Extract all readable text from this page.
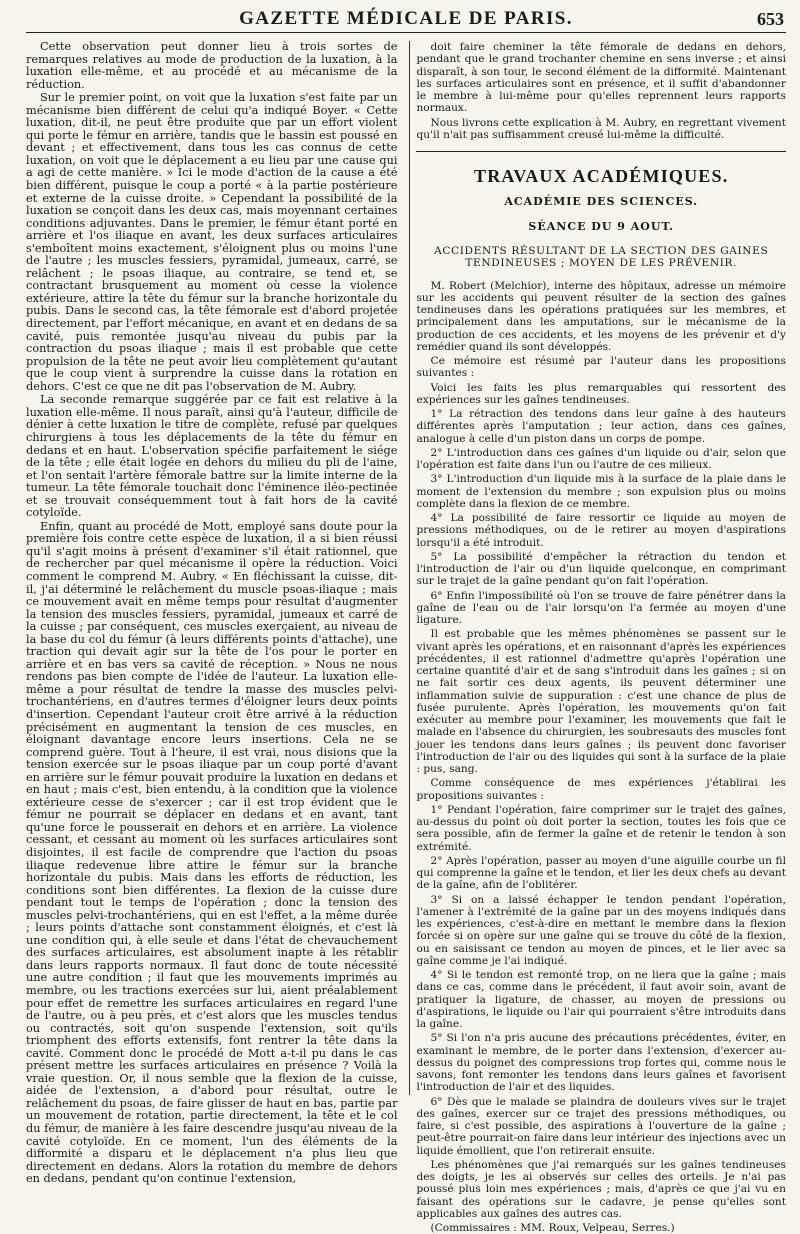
GAZETTE MÉDICALE DE PARIS.	653

Cette observation peut donner lieu à trois sortes de remarques relatives au mode de production de la luxation, à la luxation elle-même, et au procédé et au mécanisme de la réduction.

Sur le premier point, on voit que la luxation s'est faite par un mécanisme bien différent de celui qu'a indiqué Boyer. « Cette luxation, dit-il, ne peut être produite que par un effort violent qui porte le fémur en arrière, tandis que le bassin est poussé en devant ; et effectivement, dans tous les cas connus de cette luxation, on voit que le déplacement a eu lieu par une cause qui a agi de cette manière. » Ici le mode d'action de la cause a été bien différent, puisque le coup a porté « à la partie postérieure et externe de la cuisse droite. » Cependant la possibilité de la luxation se conçoit dans les deux cas, mais moyennant certaines conditions adjuvantes. Dans le premier, le fémur étant porté en arrière et l'os iliaque en avant, les deux surfaces articulaires s'emboîtent moins exactement, s'éloignent plus ou moins l'une de l'autre ; les muscles fessiers, pyramidal, jumeaux, carré, se relâchent ; le psoas iliaque, au contraire, se tend et, se contractant brusquement au moment où cesse la violence extérieure, attire la tête du fémur sur la branche horizontale du pubis. Dans le second cas, la tête fémorale est d'abord projetée directement, par l'effort mécanique, en avant et en dedans de sa cavité, puis remontée jusqu'au niveau du pubis par la contraction du psoas iliaque ; mais il est probable que cette propulsion de la tête ne peut avoir lieu complètement qu'autant que le coup vient à surprendre la cuisse dans la rotation en dehors. C'est ce que ne dit pas l'observation de M. Aubry.

La seconde remarque suggérée par ce fait est relative à la luxation elle-même. Il nous paraît, ainsi qu'à l'auteur, difficile de dénier à cette luxation le titre de complète, refusé par quelques chirurgiens à tous les déplacements de la tête du fémur en dedans et en haut. L'observation spécifie parfaitement le siége de la tête ; elle était logée en dehors du milieu du pli de l'aine, et l'on sentait l'artère fémorale battre sur la limite interne de la tumeur. La tête fémorale touchait donc l'éminence iléo-pectinée et se trouvait conséquemment tout à fait hors de la cavité cotyloïde.

Enfin, quant au procédé de Mott, employé sans doute pour la première fois contre cette espèce de luxation, il a si bien réussi qu'il s'agit moins à présent d'examiner s'il était rationnel, que de rechercher par quel mécanisme il opère la réduction. Voici comment le comprend M. Aubry. « En fléchissant la cuisse, dit-il, j'ai déterminé le relâchement du muscle psoas-iliaque ; mais ce mouvement avait en même temps pour résultat d'augmenter la tension des muscles fessiers, pyramidal, jumeaux et carré de la cuisse ; par conséquent, ces muscles exerçaient, au niveau de la base du col du fémur (à leurs différents points d'attache), une traction qui devait agir sur la tête de l'os pour le porter en arrière et en bas vers sa cavité de réception. » Nous ne nous rendons pas bien compte de l'idée de l'auteur. La luxation elle-même a pour résultat de tendre la masse des muscles pelvi-trochantériens, en d'autres termes d'éloigner leurs deux points d'insertion. Cependant l'auteur croit être arrivé à la réduction précisément en augmentant la tension de ces muscles, en éloignant davantage encore leurs insertions. Cela ne se comprend guère. Tout à l'heure, il est vrai, nous disions que la tension exercée sur le psoas iliaque par un coup porté d'avant en arrière sur le fémur pouvait produire la luxation en dedans et en haut ; mais c'est, bien entendu, à la condition que la violence extérieure cesse de s'exercer ; car il est trop évident que le fémur ne pourrait se déplacer en dedans et en avant, tant qu'une force le pousserait en dehors et en arrière. La violence cessant, et cessant au moment où les surfaces articulaires sont disjointes, il est facile de comprendre que l'action du psoas iliaque redevenue libre attire le fémur sur la branche horizontale du pubis. Mais dans les efforts de réduction, les conditions sont bien différentes. La flexion de la cuisse dure pendant tout le temps de l'opération ; donc la tension des muscles pelvi-trochantériens, qui en est l'effet, a la même durée ; leurs points d'attache sont constamment éloignés, et c'est là une condition qui, à elle seule et dans l'état de chevauchement des surfaces articulaires, est absolument inapte à les rétablir dans leurs rapports normaux. Il faut donc de toute nécessité une autre condition ; il faut que les mouvements imprimés au membre, ou les tractions exercées sur lui, aient préalablement pour effet de remettre les surfaces articulaires en regard l'une de l'autre, ou à peu près, et c'est alors que les muscles tendus ou contractés, soit qu'on suspende l'extension, soit qu'ils triomphent des efforts extensifs, font rentrer la tête dans la cavité. Comment donc le procédé de Mott a-t-il pu dans le cas présent mettre les surfaces articulaires en présence ? Voilà la vraie question. Or, il nous semble que la flexion de la cuisse, aidée de l'extension, a d'abord pour résultat, outre le relâchement du psoas, de faire glisser de haut en bas, partie par un mouvement de rotation, partie directement, la tête et le col du fémur, de manière à les faire descendre jusqu'au niveau de la cavité cotyloïde. En ce moment, l'un des éléments de la difformité a disparu et le déplacement n'a plus lieu que directement en dedans. Alors la rotation du membre de dehors en dedans, pendant qu'on continue l'extension,

doit faire cheminer la tête fémorale de dedans en dehors, pendant que le grand trochanter chemine en sens inverse ; et ainsi disparaît, à son tour, le second élément de la difformité. Maintenant les surfaces articulaires sont en présence, et il suffit d'abandonner le membre à lui-même pour qu'elles reprennent leurs rapports normaux.

Nous livrons cette explication à M. Aubry, en regrettant vivement qu'il n'ait pas suffisamment creusé lui-même la difficulté.

TRAVAUX ACADÉMIQUES.
ACADÉMIE DES SCIENCES.
SÉANCE DU 9 AOUT.

ACCIDENTS RÉSULTANT DE LA SECTION DES GAINES TENDINEUSES ; MOYEN DE LES PRÉVENIR.

M. Robert (Melchior), interne des hôpitaux, adresse un mémoire sur les accidents qui peuvent résulter de la section des gaînes tendineuses dans les opérations pratiquées sur les membres, et principalement dans les amputations, sur le mécanisme de la production de ces accidents, et les moyens de les prévenir et d'y remédier quand ils sont développés.

Ce mémoire est résumé par l'auteur dans les propositions suivantes :

Voici les faits les plus remarquables qui ressortent des expériences sur les gaînes tendineuses.

1° La rétraction des tendons dans leur gaîne à des hauteurs différentes après l'amputation ; leur action, dans ces gaînes, analogue à celle d'un piston dans un corps de pompe.

2° L'introduction dans ces gaînes d'un liquide ou d'air, selon que l'opération est faite dans l'un ou l'autre de ces milieux.

3° L'introduction d'un liquide mis à la surface de la plaie dans le moment de l'extension du membre ; son expulsion plus ou moins complète dans la flexion de ce membre.

4° La possibilité de faire ressortir ce liquide au moyen de pressions méthodiques, ou de le retirer au moyen d'aspirations lorsqu'il a été introduit.

5° La possibilité d'empêcher la rétraction du tendon et l'introduction de l'air ou d'un liquide quelconque, en comprimant sur le trajet de la gaîne pendant qu'on fait l'opération.

6° Enfin l'impossibilité où l'on se trouve de faire pénétrer dans la gaîne de l'eau ou de l'air lorsqu'on l'a fermée au moyen d'une ligature.

Il est probable que les mêmes phénomènes se passent sur le vivant après les opérations, et en raisonnant d'après les expériences précédentes, il est rationnel d'admettre qu'après l'opération une certaine quantité d'air et de sang s'introduit dans les gaînes ; si on ne fait sortir ces deux agents, ils peuvent déterminer une inflammation suivie de suppuration : c'est une chance de plus de fusée purulente. Après l'opération, les mouvements qu'on fait exécuter au membre pour l'examiner, les mouvements que fait le malade en l'absence du chirurgien, les soubresauts des muscles font jouer les tendons dans leurs gaînes ; ils peuvent donc favoriser l'introduction de l'air ou des liquides qui sont à la surface de la plaie : pus, sang.

Comme conséquence de mes expériences j'établirai les propositions suivantes :

1° Pendant l'opération, faire comprimer sur le trajet des gaînes, au-dessus du point où doit porter la section, toutes les fois que ce sera possible, afin de fermer la gaîne et de retenir le tendon à son extrémité.

2° Après l'opération, passer au moyen d'une aiguille courbe un fil qui comprenne la gaîne et le tendon, et lier les deux chefs au devant de la gaîne, afin de l'oblitérer.

3° Si on a laissé échapper le tendon pendant l'opération, l'amener à l'extrémité de la gaîne par un des moyens indiqués dans les expériences, c'est-à-dire en mettant le membre dans la flexion forcée si on opère sur une gaîne qui se trouve du côté de la flexion, ou en saisissant ce tendon au moyen de pinces, et le lier avec sa gaîne comme je l'ai indiqué.

4° Si le tendon est remonté trop, on ne liera que la gaîne ; mais dans ce cas, comme dans le précédent, il faut avoir soin, avant de pratiquer la ligature, de chasser, au moyen de pressions ou d'aspirations, le liquide ou l'air qui pourraient s'être introduits dans la gaîne.

5° Si l'on n'a pris aucune des précautions précédentes, éviter, en examinant le membre, de le porter dans l'extension, d'exercer au-dessus du poignet des compressions trop fortes qui, comme nous le savons, font remonter les tendons dans leurs gaînes et favorisent l'introduction de l'air et des liquides.

6° Dès que le malade se plaindra de douleurs vives sur le trajet des gaînes, exercer sur ce trajet des pressions méthodiques, ou faire, si c'est possible, des aspirations à l'ouverture de la gaîne ; peut-être pourrait-on faire dans leur intérieur des injections avec un liquide émollient, que l'on retirerait ensuite.

Les phénomènes que j'ai remarqués sur les gaînes tendineuses des doigts, je les ai observés sur celles des orteils. Je n'ai pas poussé plus loin mes expériences ; mais, d'après ce que j'ai vu en faisant des opérations sur le cadavre, je pense qu'elles sont applicables aux gaînes des autres cas.

(Commissaires : MM. Roux, Velpeau, Serres.)
